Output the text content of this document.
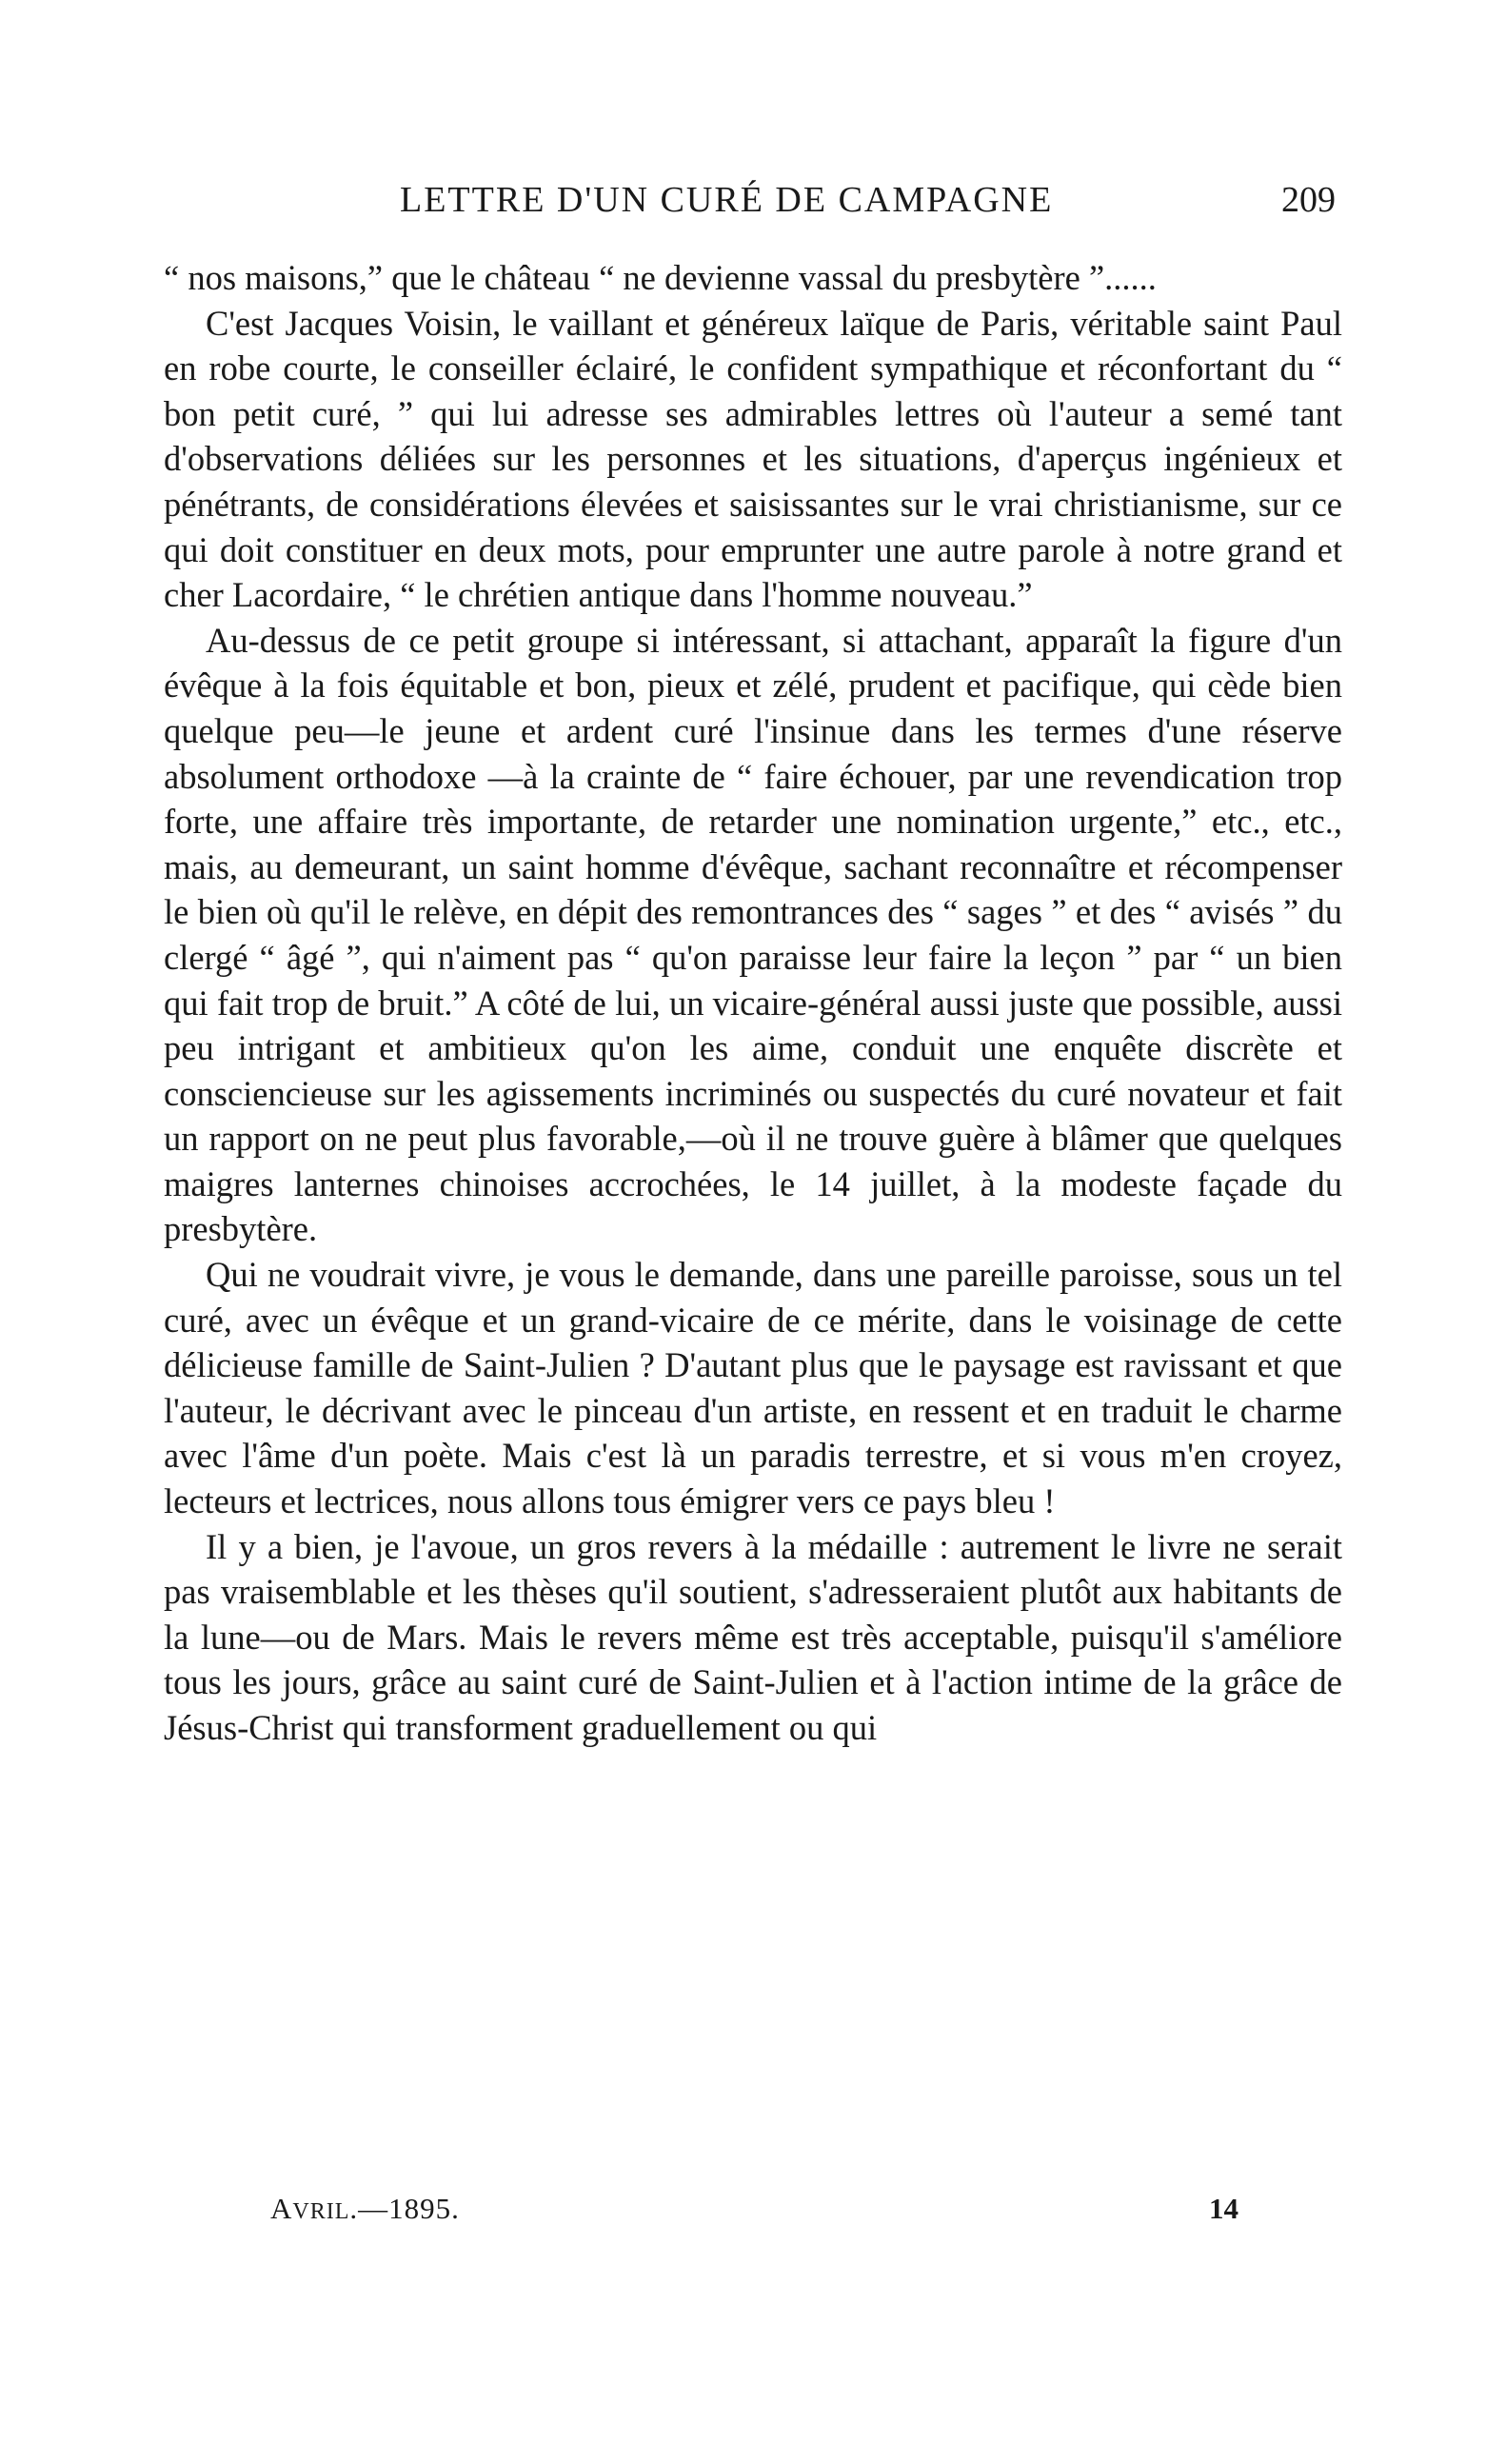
LETTRE D'UN CURÉ DE CAMPAGNE	209

“ nos maisons,” que le château “ ne devienne vassal du presbytère ”......

C'est Jacques Voisin, le vaillant et généreux laïque de Paris, véritable saint Paul en robe courte, le conseiller éclairé, le confident sympathique et réconfortant du “ bon petit curé, ” qui lui adresse ses admirables lettres où l'auteur a semé tant d'observations déliées sur les personnes et les situations, d'aperçus ingénieux et pénétrants, de considérations élevées et saisissantes sur le vrai christianisme, sur ce qui doit constituer en deux mots, pour emprunter une autre parole à notre grand et cher Lacordaire, “ le chrétien antique dans l'homme nouveau.”

Au-dessus de ce petit groupe si intéressant, si attachant, apparaît la figure d'un évêque à la fois équitable et bon, pieux et zélé, prudent et pacifique, qui cède bien quelque peu—le jeune et ardent curé l'insinue dans les termes d'une réserve absolument orthodoxe —à la crainte de “ faire échouer, par une revendication trop forte, une affaire très importante, de retarder une nomination urgente,” etc., etc., mais, au demeurant, un saint homme d'évêque, sachant reconnaître et récompenser le bien où qu'il le relève, en dépit des remontrances des “ sages ” et des “ avisés ” du clergé “ âgé ”, qui n'aiment pas “ qu'on paraisse leur faire la leçon ” par “ un bien qui fait trop de bruit.” A côté de lui, un vicaire-général aussi juste que possible, aussi peu intrigant et ambitieux qu'on les aime, conduit une enquête discrète et consciencieuse sur les agissements incriminés ou suspectés du curé novateur et fait un rapport on ne peut plus favorable,—où il ne trouve guère à blâmer que quelques maigres lanternes chinoises accrochées, le 14 juillet, à la modeste façade du presbytère.

Qui ne voudrait vivre, je vous le demande, dans une pareille paroisse, sous un tel curé, avec un évêque et un grand-vicaire de ce mérite, dans le voisinage de cette délicieuse famille de Saint-Julien ? D'autant plus que le paysage est ravissant et que l'auteur, le décrivant avec le pinceau d'un artiste, en ressent et en traduit le charme avec l'âme d'un poète. Mais c'est là un paradis terrestre, et si vous m'en croyez, lecteurs et lectrices, nous allons tous émigrer vers ce pays bleu !

Il y a bien, je l'avoue, un gros revers à la médaille : autrement le livre ne serait pas vraisemblable et les thèses qu'il soutient, s'adresseraient plutôt aux habitants de la lune—ou de Mars. Mais le revers même est très acceptable, puisqu'il s'améliore tous les jours, grâce au saint curé de Saint-Julien et à l'action intime de la grâce de Jésus-Christ qui transforment graduellement ou qui

AVRIL.—1895.	14
